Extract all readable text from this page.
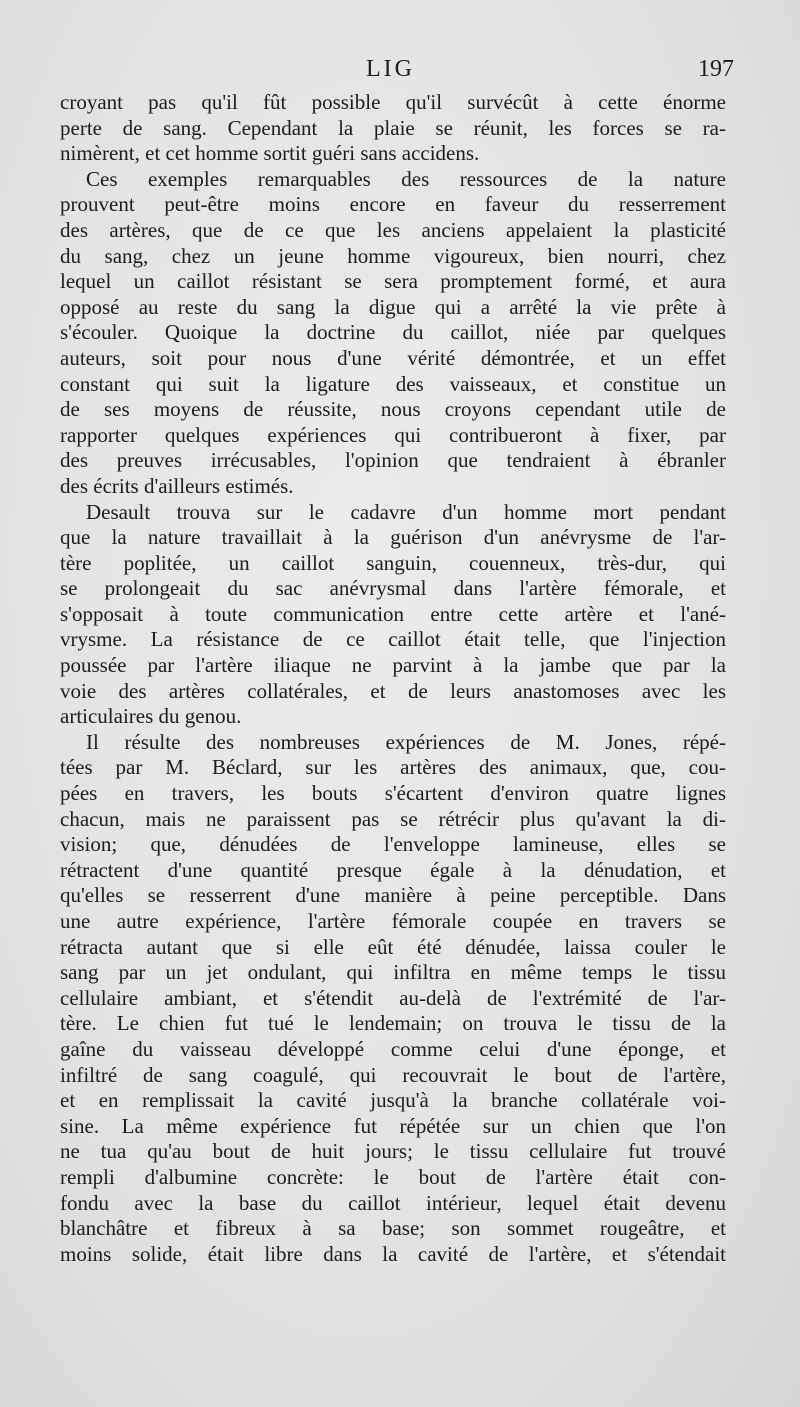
LIG	197
croyant pas qu'il fût possible qu'il survécût à cette énorme
perte de sang. Cependant la plaie se réunit, les forces se ra-
nimèrent, et cet homme sortit guéri sans accidens.
Ces exemples remarquables des ressources de la nature
prouvent peut-être moins encore en faveur du resserrement
des artères, que de ce que les anciens appelaient la plasticité
du sang, chez un jeune homme vigoureux, bien nourri, chez
lequel un caillot résistant se sera promptement formé, et aura
opposé au reste du sang la digue qui a arrêté la vie prête à
s'écouler. Quoique la doctrine du caillot, niée par quelques
auteurs, soit pour nous d'une vérité démontrée, et un effet
constant qui suit la ligature des vaisseaux, et constitue un
de ses moyens de réussite, nous croyons cependant utile de
rapporter quelques expériences qui contribueront à fixer, par
des preuves irrécusables, l'opinion que tendraient à ébranler
des écrits d'ailleurs estimés.
Desault trouva sur le cadavre d'un homme mort pendant
que la nature travaillait à la guérison d'un anévrysme de l'ar-
tère poplitée, un caillot sanguin, couenneux, très-dur, qui
se prolongeait du sac anévrysmal dans l'artère fémorale, et
s'opposait à toute communication entre cette artère et l'ané-
vrysme. La résistance de ce caillot était telle, que l'injection
poussée par l'artère iliaque ne parvint à la jambe que par la
voie des artères collatérales, et de leurs anastomoses avec les
articulaires du genou.
Il résulte des nombreuses expériences de M. Jones, répé-
tées par M. Béclard, sur les artères des animaux, que, cou-
pées en travers, les bouts s'écartent d'environ quatre lignes
chacun, mais ne paraissent pas se rétrécir plus qu'avant la di-
vision; que, dénudées de l'enveloppe lamineuse, elles se
rétractent d'une quantité presque égale à la dénudation, et
qu'elles se resserrent d'une manière à peine perceptible. Dans
une autre expérience, l'artère fémorale coupée en travers se
rétracta autant que si elle eût été dénudée, laissa couler le
sang par un jet ondulant, qui infiltra en même temps le tissu
cellulaire ambiant, et s'étendit au-delà de l'extrémité de l'ar-
tère. Le chien fut tué le lendemain; on trouva le tissu de la
gaîne du vaisseau développé comme celui d'une éponge, et
infiltré de sang coagulé, qui recouvrait le bout de l'artère,
et en remplissait la cavité jusqu'à la branche collatérale voi-
sine. La même expérience fut répétée sur un chien que l'on
ne tua qu'au bout de huit jours; le tissu cellulaire fut trouvé
rempli d'albumine concrète: le bout de l'artère était con-
fondu avec la base du caillot intérieur, lequel était devenu
blanchâtre et fibreux à sa base; son sommet rougeâtre, et
moins solide, était libre dans la cavité de l'artère, et s'étendait
